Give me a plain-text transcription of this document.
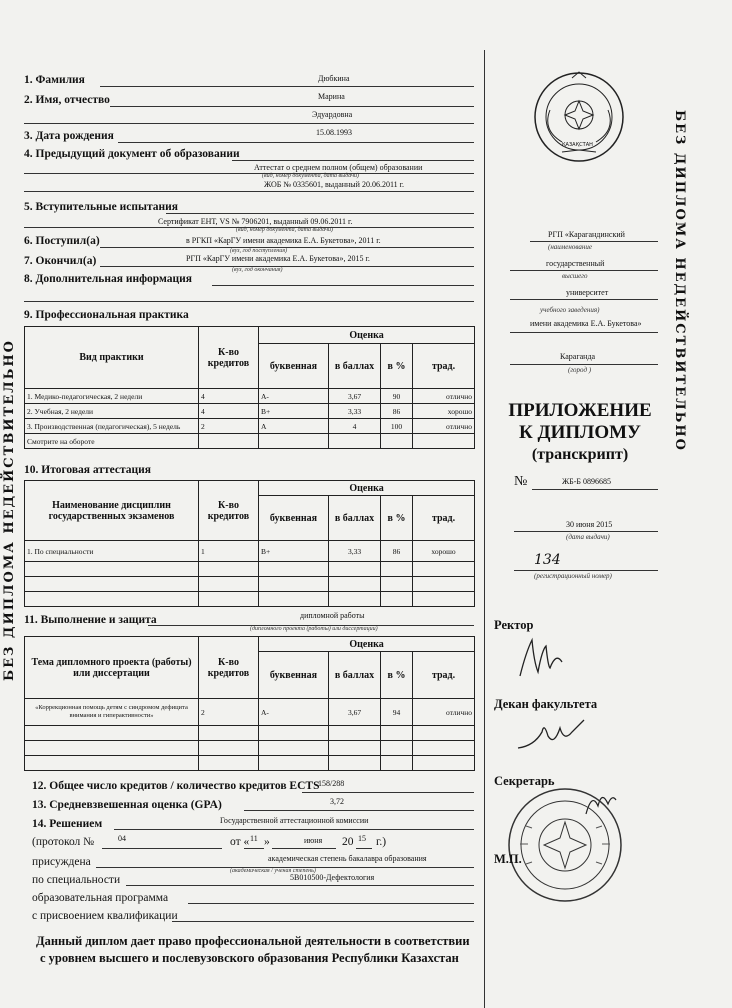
БЕЗ ДИПЛОМА НЕДЕЙСТВИТЕЛЬНО
БЕЗ ДИПЛОМА НЕДЕЙСТВИТЕЛЬНО
1. Фамилия	Дюбкина
2. Имя, отчество	Марина
Эдуардовна
3. Дата рождения	15.08.1993
4. Предыдущий документ об образовании
Аттестат о среднем полном (общем) образовании
(вид, номер документа, дата выдачи)
ЖОБ № 0335601, выданный 20.06.2011 г.
5. Вступительные испытания
Сертификат ЕНТ, VS № 7906201, выданный 09.06.2011 г.
(вид, номер документа, дата выдачи)
6. Поступил(а)	в РГКП «КарГУ имени академика Е.А. Букетова», 2011 г.
(вуз, год поступления)
7. Окончил(а)	РГП «КарГУ имени академика Е.А. Букетова», 2015 г.
(вуз, год окончания)
8. Дополнительная информация
9. Профессиональная практика
Вид практики	К-во кредитов	Оценка			
		буквенная	в баллах	в %	трад.
1. Медико-педагогическая, 2 недели	4	A-	3,67	90	отлично
2. Учебная, 2 недели	4	B+	3,33	86	хорошо
3. Производственная (педагогическая), 5 недель	2	A	4	100	отлично
Смотрите на обороте					
10. Итоговая аттестация
Наименование дисциплин государственных экзаменов	К-во кредитов	Оценка			
		буквенная	в баллах	в %	трад.
1. По специальности	1	B+	3,33	86	хорошо

11. Выполнение и защита	дипломной работы
(дипломного проекта (работы) или диссертации)
Тема дипломного проекта (работы) или диссертации	К-во кредитов	Оценка			
		буквенная	в баллах	в %	трад.
«Коррекционная помощь детям с синдромом дефицита внимания и гиперактивности»	2	A-	3,67	94	отлично

12. Общее число кредитов / количество кредитов ECTS
158/288
13. Средневзвешенная оценка (GPA)	3,72
14. Решением	Государственной аттестационной комиссии
(протокол №	04	от « 11 »	июня 20 15 г.)
присуждена	академическая степень бакалавра образования
(академическая / ученая степень)
по специальности	5В010500-Дефектология
образовательная программа
с присвоением квалификации
Данный диплом дает право профессиональной деятельности в соответствии
с уровнем высшего и послевузовского образования Республики Казахстан
ҚАЗАҚСТАН
РГП «Карагандинский
(наименование
государственный
высшего
университет
учебного заведения)
имени академика Е.А. Букетова»
Караганда
(город )
ПРИЛОЖЕНИЕ
К ДИПЛОМУ
(транскрипт)
№	ЖБ-Б 0896685
30 июня 2015
(дата выдачи)
134
(регистрационный номер)
Ректор
Декан факультета
Секретарь
М.П.
